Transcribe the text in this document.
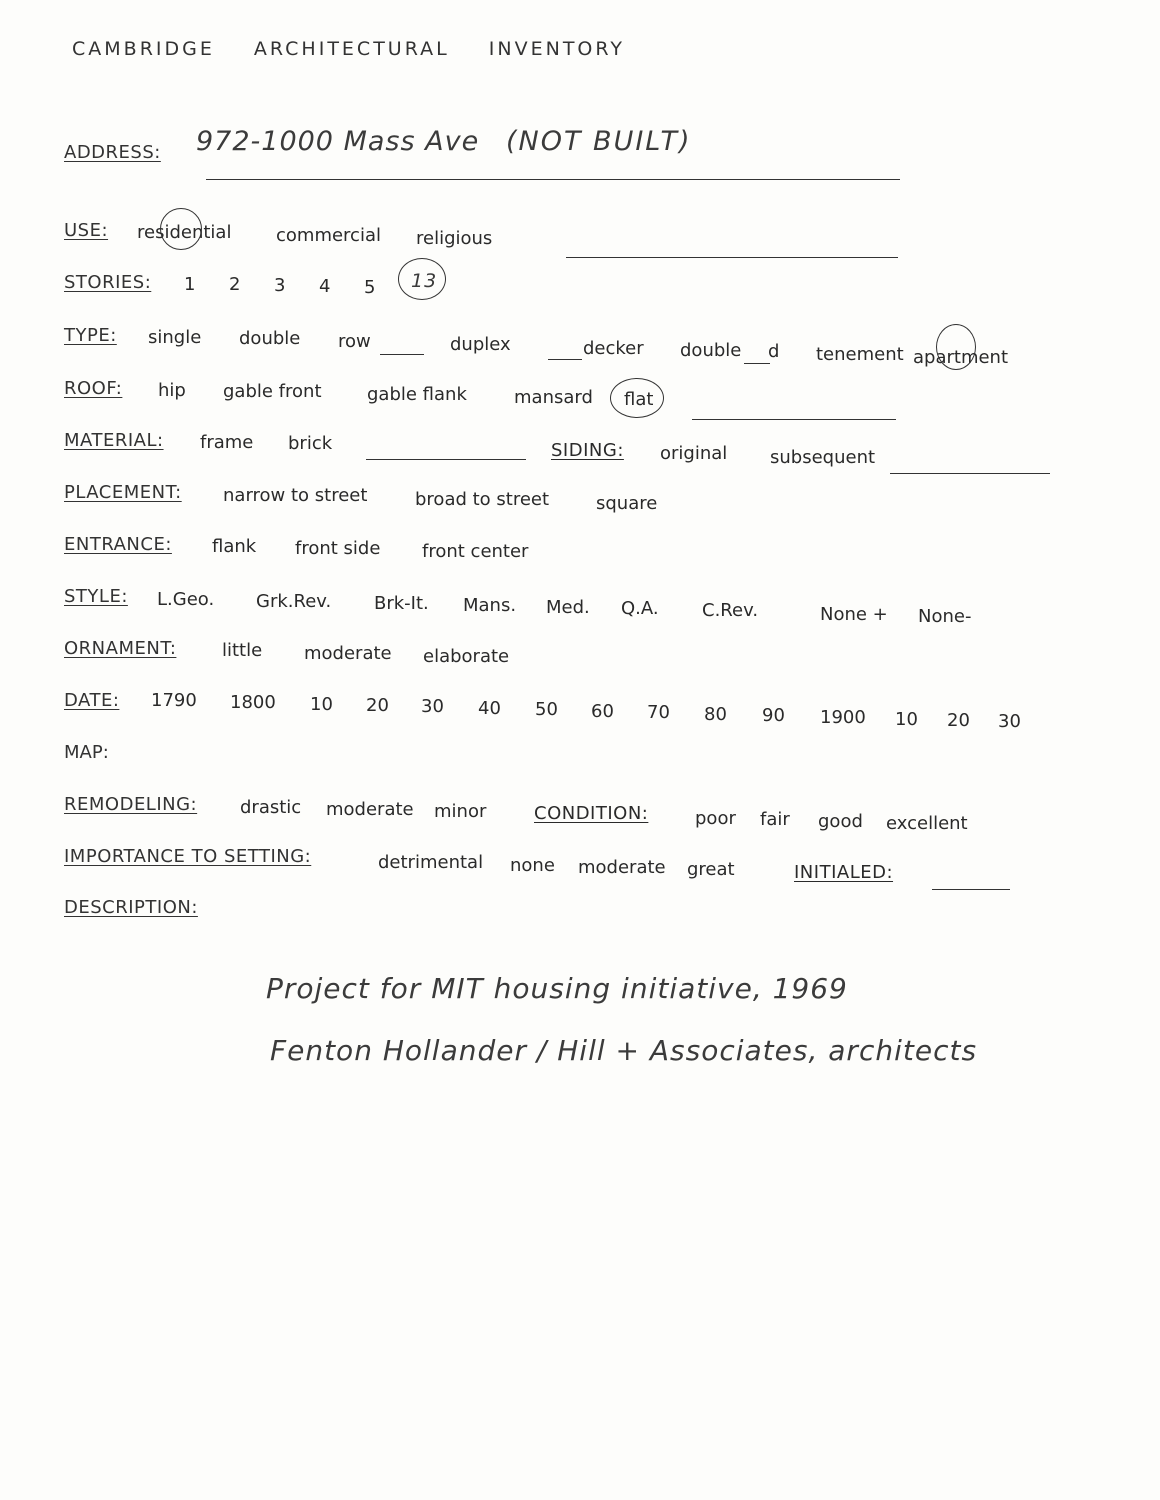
CAMBRIDGE ARCHITECTURAL INVENTORY
ADDRESS: 972-1000 Mass Ave (NOT BUILT)
USE: residential commercial religious
STORIES: 1 2 3 4 5 13
TYPE: single double row	duplex	decker double d tenement apartment
ROOF: hip gable front	gable flank	mansard flat
MATERIAL: frame brick	SIDING: original subsequent
PLACEMENT: narrow to street	broad to street	square
ENTRANCE: flank front side front center
STYLE: L.Geo. Grk.Rev. Brk-It. Mans. Med. Q.A. C.Rev.	None + None-
ORNAMENT:	little moderate elaborate
DATE: 1790 1800 10 20 30 40 50 60 70 80 90 1900 10 20 30
MAP:
REMODELING: drastic moderate minor	CONDITION:	poor fair good excellent
IMPORTANCE TO SETTING:	detrimental none moderate great	INITIALED:
DESCRIPTION:
Project for MIT housing initiative, 1969
Fenton Hollander / Hill + Associates, architects
